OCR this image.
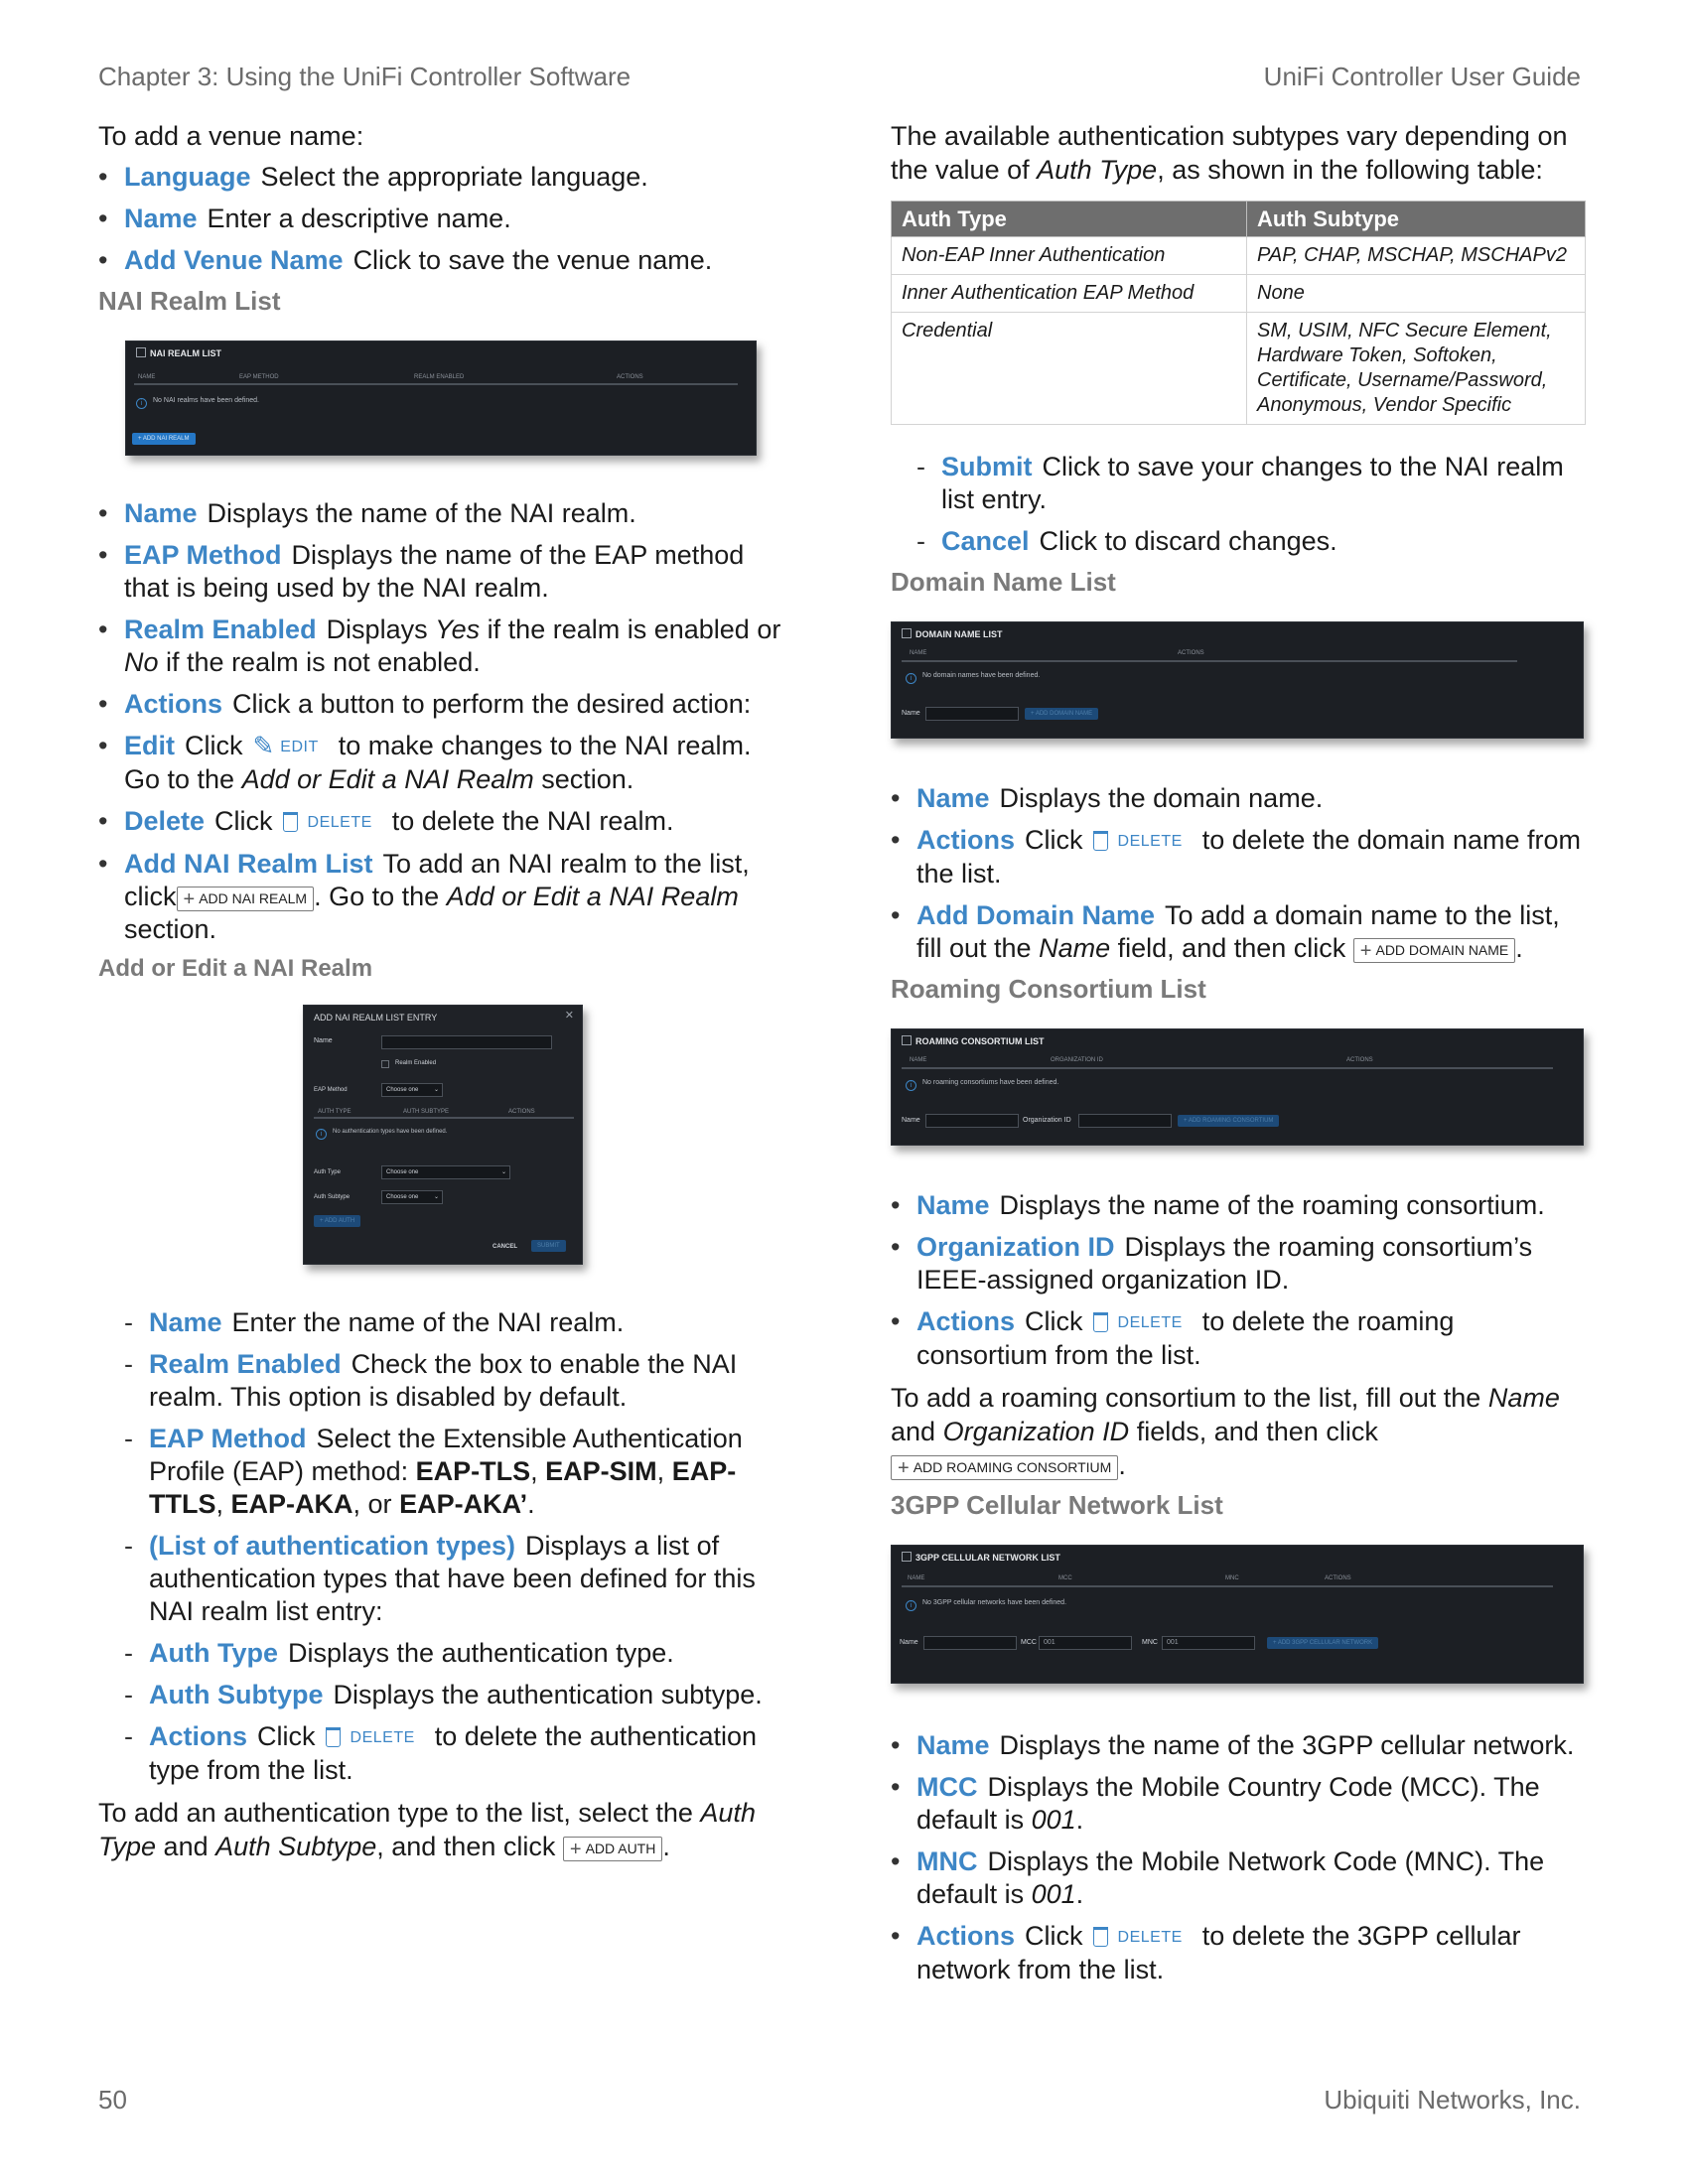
Chapter 3: Using the UniFi Controller Software	UniFi Controller User Guide

To add a venue name:

• Language Select the appropriate language.
• Name Enter a descriptive name.
• Add Venue Name Click to save the venue name.
NAI Realm List
NAI REALM LIST
NAME	EAP METHOD	REALM ENABLED	ACTIONS
i No NAI realms have been defined.
+ ADD NAI REALM
• Name Displays the name of the NAI realm.
• EAP Method Displays the name of the EAP method that is being used by the NAI realm.
• Realm Enabled Displays Yes if the realm is enabled or No if the realm is not enabled.
• Actions Click a button to perform the desired action:
• Edit Click ✎ EDIT to make changes to the NAI realm. Go to the Add or Edit a NAI Realm section.
• Delete Click DELETE to delete the NAI realm.
• Add NAI Realm List To add an NAI realm to the list, click + ADD NAI REALM . Go to the Add or Edit a NAI Realm section.
Add or Edit a NAI Realm
ADD NAI REALM LIST ENTRY	✕
Name
Realm Enabled
EAP Method	Choose one	⌄
AUTH TYPE	AUTH SUBTYPE	ACTIONS
i No authentication types have been defined.
Auth Type	Choose one	⌄
Auth Subtype	Choose one	⌄
+ ADD AUTH
CANCEL	SUBMIT
- Name Enter the name of the NAI realm.
- Realm Enabled Check the box to enable the NAI realm. This option is disabled by default.
- EAP Method Select the Extensible Authentication Profile (EAP) method: EAP-TLS, EAP-SIM, EAP-TTLS, EAP-AKA, or EAP-AKA’.
- (List of authentication types) Displays a list of authentication types that have been defined for this NAI realm list entry:
- Auth Type Displays the authentication type.
- Auth Subtype Displays the authentication subtype.
- Actions Click DELETE to delete the authentication type from the list.

To add an authentication type to the list, select the Auth Type and Auth Subtype, and then click + ADD AUTH .

The available authentication subtypes vary depending on the value of Auth Type, as shown in the following table:

Auth Type	Auth Subtype
Non-EAP Inner Authentication	PAP, CHAP, MSCHAP, MSCHAPv2
Inner Authentication EAP Method	None
Credential	SM, USIM, NFC Secure Element, Hardware Token, Softoken, Certificate, Username/Password, Anonymous, Vendor Specific
- Submit Click to save your changes to the NAI realm list entry.
- Cancel Click to discard changes.
Domain Name List
DOMAIN NAME LIST
NAME	ACTIONS
i No domain names have been defined.
Name	+ ADD DOMAIN NAME
• Name Displays the domain name.
• Actions Click DELETE to delete the domain name from the list.
• Add Domain Name To add a domain name to the list, fill out the Name field, and then click + ADD DOMAIN NAME .
Roaming Consortium List
ROAMING CONSORTIUM LIST
NAME	ORGANIZATION ID	ACTIONS
i No roaming consortiums have been defined.
Name	Organization ID	+ ADD ROAMING CONSORTIUM
• Name Displays the name of the roaming consortium.
• Organization ID Displays the roaming consortium’s IEEE-assigned organization ID.
• Actions Click DELETE to delete the roaming consortium from the list.

To add a roaming consortium to the list, fill out the Name and Organization ID fields, and then click + ADD ROAMING CONSORTIUM .

3GPP Cellular Network List
3GPP CELLULAR NETWORK LIST
NAME	MCC	MNC	ACTIONS
i No 3GPP cellular networks have been defined.
Name	MCC	001	MNC	001	+ ADD 3GPP CELLULAR NETWORK
• Name Displays the name of the 3GPP cellular network.
• MCC Displays the Mobile Country Code (MCC). The default is 001.
• MNC Displays the Mobile Network Code (MNC). The default is 001.
• Actions Click DELETE to delete the 3GPP cellular network from the list.
50	Ubiquiti Networks, Inc.
